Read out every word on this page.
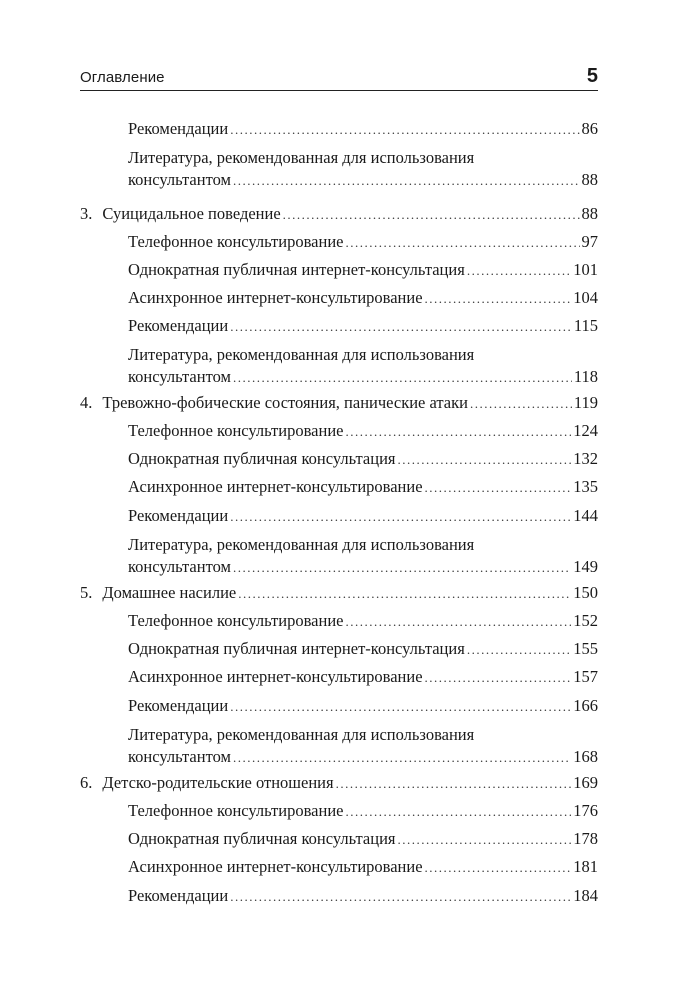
Оглавление	5
Рекомендации .....	86
Литература, рекомендованная для использования
консультантом .....	88
3. Суицидальное поведение .....	88
Телефонное консультирование .....	97
Однократная публичная интернет-консультация .....	101
Асинхронное интернет-консультирование .....	104
Рекомендации .....	115
Литература, рекомендованная для использования
консультантом .....	118
4. Тревожно-фобические состояния, панические атаки .....	119
Телефонное консультирование .....	124
Однократная публичная консультация .....	132
Асинхронное интернет-консультирование .....	135
Рекомендации .....	144
Литература, рекомендованная для использования
консультантом .....	149
5. Домашнее насилие .....	150
Телефонное консультирование .....	152
Однократная публичная интернет-консультация .....	155
Асинхронное интернет-консультирование .....	157
Рекомендации .....	166
Литература, рекомендованная для использования
консультантом .....	168
6. Детско-родительские отношения .....	169
Телефонное консультирование .....	176
Однократная публичная консультация .....	178
Асинхронное интернет-консультирование .....	181
Рекомендации .....	184
